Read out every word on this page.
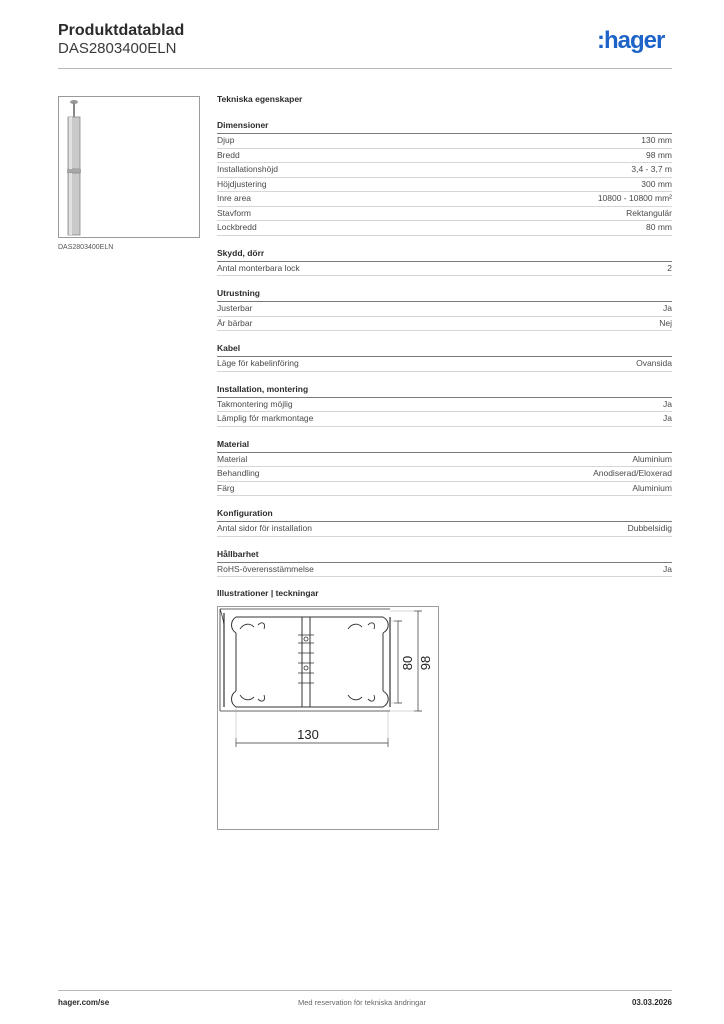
Produktdatablad
DAS2803400ELN	:hager
DAS2803400ELN
Tekniska egenskaper
Dimensioner
Djup	130 mm
Bredd	98 mm
Installationshöjd	3,4 - 3,7 m
Höjdjustering	300 mm
Inre area	10800 - 10800 mm²
Stavform	Rektangulär
Lockbredd	80 mm
Skydd, dörr
Antal monterbara lock	2
Utrustning
Justerbar	Ja
Är bärbar	Nej
Kabel
Läge för kabelinföring	Ovansida
Installation, montering
Takmontering möjlig	Ja
Lämplig för markmontage	Ja
Material
Material	Aluminium
Behandling	Anodiserad/Eloxerad
Färg	Aluminium
Konfiguration
Antal sidor för installation	Dubbelsidig
Hållbarhet
RoHS-överensstämmelse	Ja
Illustrationer | teckningar
80 98
130
hager.com/se	Med reservation för tekniska ändringar	03.03.2026
